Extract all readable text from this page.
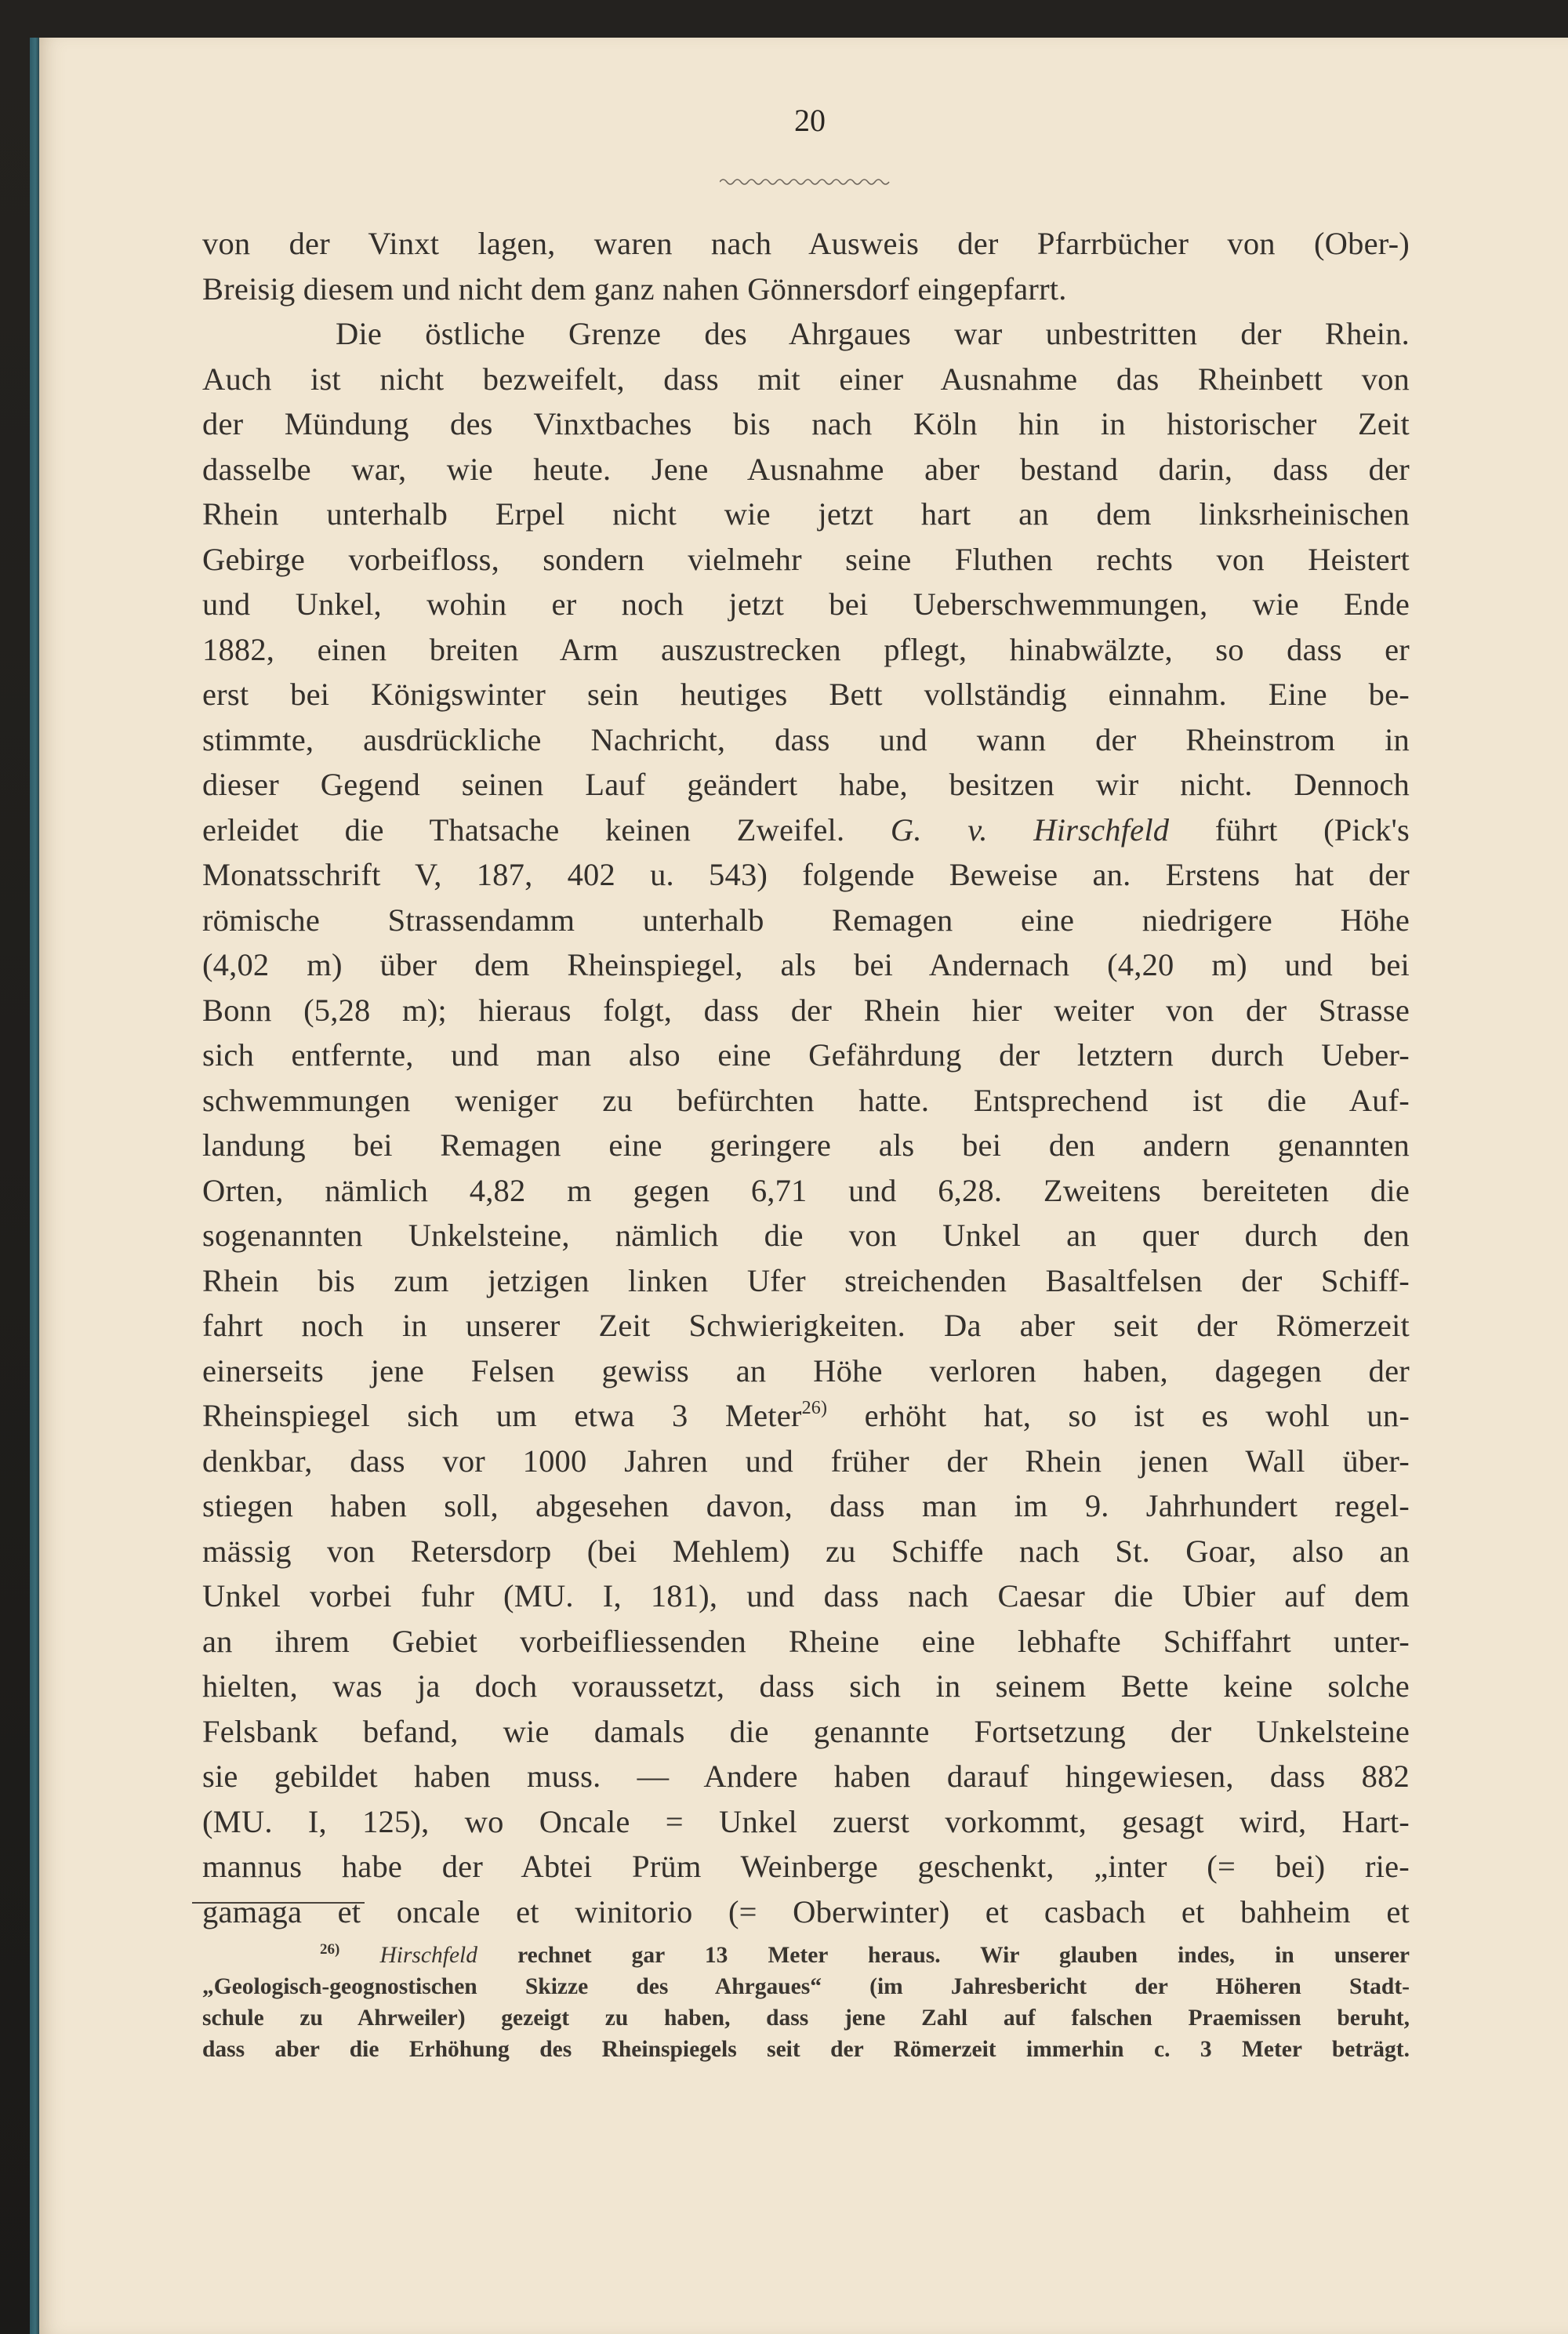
20
von der Vinxt lagen, waren nach Ausweis der Pfarrbücher von (Ober-)
Breisig diesem und nicht dem ganz nahen Gönnersdorf eingepfarrt.
Die östliche Grenze des Ahrgaues war unbestritten der Rhein.
Auch ist nicht bezweifelt, dass mit einer Ausnahme das Rheinbett von
der Mündung des Vinxtbaches bis nach Köln hin in historischer Zeit
dasselbe war, wie heute. Jene Ausnahme aber bestand darin, dass der
Rhein unterhalb Erpel nicht wie jetzt hart an dem linksrheinischen
Gebirge vorbeifloss, sondern vielmehr seine Fluthen rechts von Heistert
und Unkel, wohin er noch jetzt bei Ueberschwemmungen, wie Ende
1882, einen breiten Arm auszustrecken pflegt, hinabwälzte, so dass er
erst bei Königswinter sein heutiges Bett vollständig einnahm. Eine be-
stimmte, ausdrückliche Nachricht, dass und wann der Rheinstrom in
dieser Gegend seinen Lauf geändert habe, besitzen wir nicht. Dennoch
erleidet die Thatsache keinen Zweifel. G. v. Hirschfeld führt (Pick's
Monatsschrift V, 187, 402 u. 543) folgende Beweise an. Erstens hat der
römische Strassendamm unterhalb Remagen eine niedrigere Höhe
(4,02 m) über dem Rheinspiegel, als bei Andernach (4,20 m) und bei
Bonn (5,28 m); hieraus folgt, dass der Rhein hier weiter von der Strasse
sich entfernte, und man also eine Gefährdung der letztern durch Ueber-
schwemmungen weniger zu befürchten hatte. Entsprechend ist die Auf-
landung bei Remagen eine geringere als bei den andern genannten
Orten, nämlich 4,82 m gegen 6,71 und 6,28. Zweitens bereiteten die
sogenannten Unkelsteine, nämlich die von Unkel an quer durch den
Rhein bis zum jetzigen linken Ufer streichenden Basaltfelsen der Schiff-
fahrt noch in unserer Zeit Schwierigkeiten. Da aber seit der Römerzeit
einerseits jene Felsen gewiss an Höhe verloren haben, dagegen der
Rheinspiegel sich um etwa 3 Meter$^{26)}$ erhöht hat, so ist es wohl un-
denkbar, dass vor 1000 Jahren und früher der Rhein jenen Wall über-
stiegen haben soll, abgesehen davon, dass man im 9. Jahrhundert regel-
mässig von Retersdorp (bei Mehlem) zu Schiffe nach St. Goar, also an
Unkel vorbei fuhr (MU. I, 181), und dass nach Caesar die Ubier auf dem
an ihrem Gebiet vorbeifliessenden Rheine eine lebhafte Schiffahrt unter-
hielten, was ja doch voraussetzt, dass sich in seinem Bette keine solche
Felsbank befand, wie damals die genannte Fortsetzung der Unkelsteine
sie gebildet haben muss. — Andere haben darauf hingewiesen, dass 882
(MU. I, 125), wo Oncale = Unkel zuerst vorkommt, gesagt wird, Hart-
mannus habe der Abtei Prüm Weinberge geschenkt, „inter (= bei) rie-
gamaga et oncale et winitorio (= Oberwinter) et casbach et bahheim et
$^{26)}$ Hirschfeld rechnet gar 13 Meter heraus. Wir glauben indes, in unserer
„Geologisch-geognostischen Skizze des Ahrgaues“ (im Jahresbericht der Höheren Stadt-
schule zu Ahrweiler) gezeigt zu haben, dass jene Zahl auf falschen Praemissen beruht,
dass aber die Erhöhung des Rheinspiegels seit der Römerzeit immerhin c. 3 Meter beträgt.
